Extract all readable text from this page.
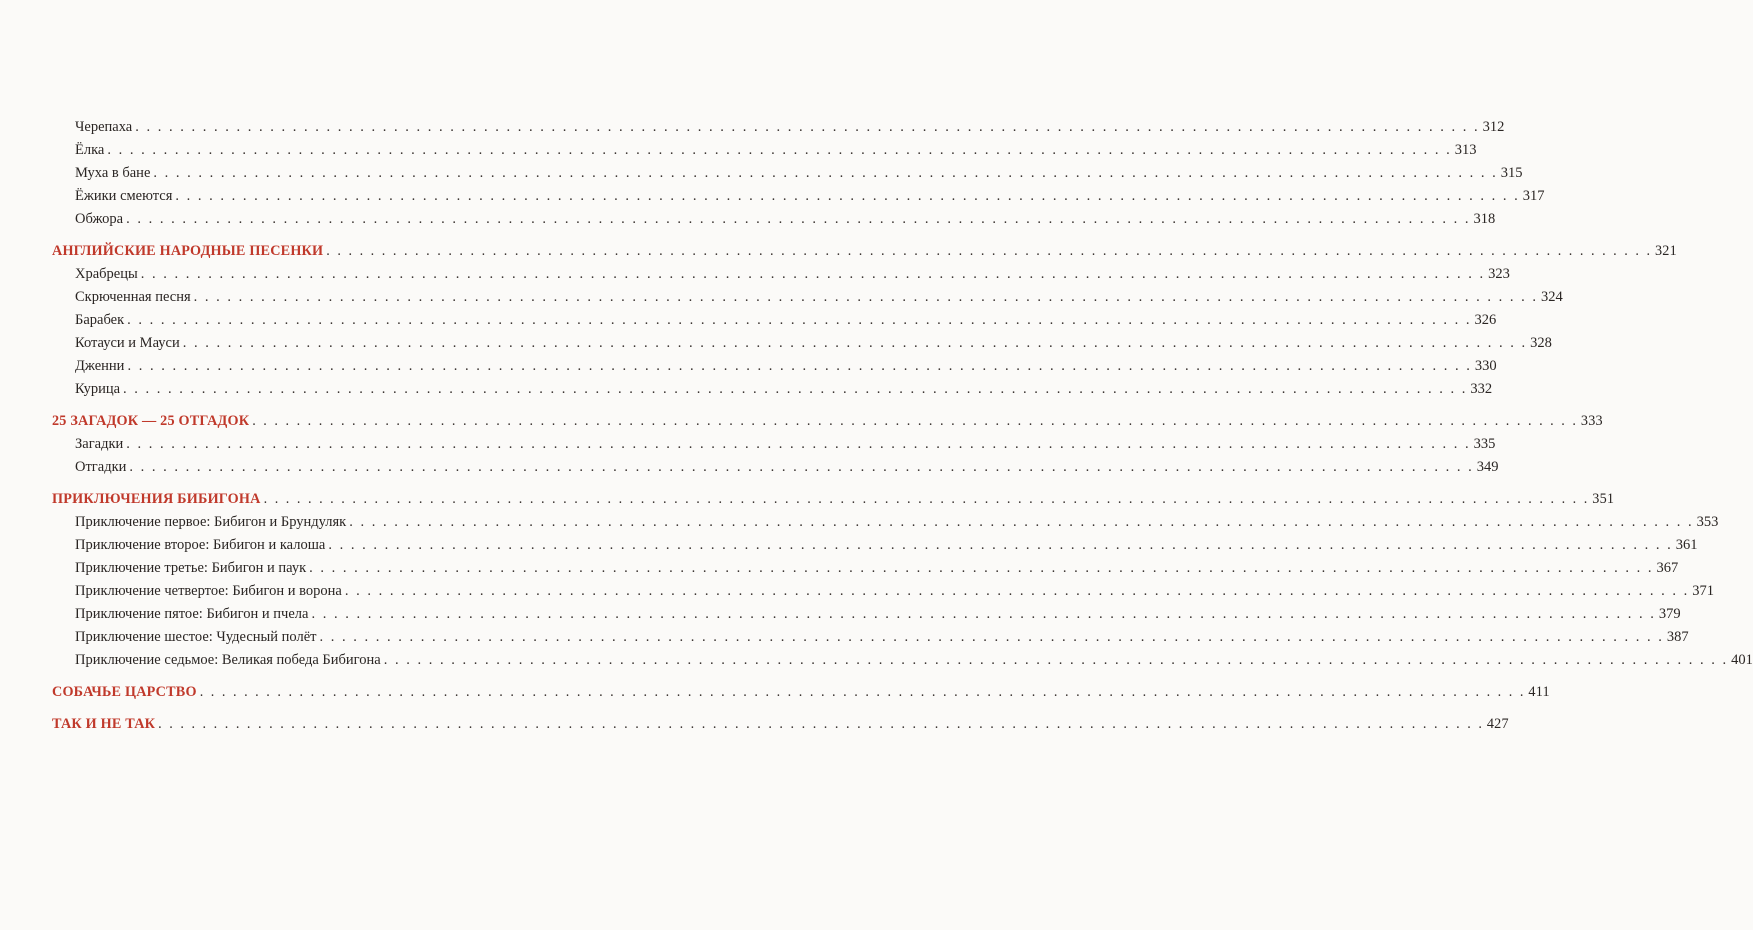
Черепаха . . . . . . . . . . . . . . . . . . . . . . . . . . . . . . . . . . . . . . . . . . . . . . . . . . . . . . . . . . . . . . . . . . . . . . . . . . . . . . . . . . . . . . . . . . . . . . . . . . . . . . . . . . . . . . . . . . . . . . . . 312
Ёлка . . . . . . . . . . . . . . . . . . . . . . . . . . . . . . . . . . . . . . . . . . . . . . . . . . . . . . . . . . . . . . . . . . . . . . . . . . . . . . . . . . . . . . . . . . . . . . . . . . . . . . . . . . . . . . . . . . . . . . . . 313
Муха в бане . . . . . . . . . . . . . . . . . . . . . . . . . . . . . . . . . . . . . . . . . . . . . . . . . . . . . . . . . . . . . . . . . . . . . . . . . . . . . . . . . . . . . . . . . . . . . . . . . . . . . . . . . . . . . . . . . . . . . . . . 315
Ёжики смеются . . . . . . . . . . . . . . . . . . . . . . . . . . . . . . . . . . . . . . . . . . . . . . . . . . . . . . . . . . . . . . . . . . . . . . . . . . . . . . . . . . . . . . . . . . . . . . . . . . . . . . . . . . . . . . . . . . . . . . . . 317
Обжора . . . . . . . . . . . . . . . . . . . . . . . . . . . . . . . . . . . . . . . . . . . . . . . . . . . . . . . . . . . . . . . . . . . . . . . . . . . . . . . . . . . . . . . . . . . . . . . . . . . . . . . . . . . . . . . . . . . . . . . . 318
АНГЛИЙСКИЕ НАРОДНЫЕ ПЕСЕНКИ . . . . . . . . . . . . . . . . . . . . . . . . . . . . . . . . . . . . . . . . . . . . . . . . . . . . . . . . . . . . . . . . . . . . . . . . . . . . . . . . . . . . . . . . . . . . . . . . . . . . . . . . . . . . . . . . . . . . . . . . 321
Храбрецы . . . . . . . . . . . . . . . . . . . . . . . . . . . . . . . . . . . . . . . . . . . . . . . . . . . . . . . . . . . . . . . . . . . . . . . . . . . . . . . . . . . . . . . . . . . . . . . . . . . . . . . . . . . . . . . . . . . . . . . . 323
Скрюченная песня . . . . . . . . . . . . . . . . . . . . . . . . . . . . . . . . . . . . . . . . . . . . . . . . . . . . . . . . . . . . . . . . . . . . . . . . . . . . . . . . . . . . . . . . . . . . . . . . . . . . . . . . . . . . . . . . . . . . . . . . 324
Барабек . . . . . . . . . . . . . . . . . . . . . . . . . . . . . . . . . . . . . . . . . . . . . . . . . . . . . . . . . . . . . . . . . . . . . . . . . . . . . . . . . . . . . . . . . . . . . . . . . . . . . . . . . . . . . . . . . . . . . . . . 326
Котауси и Мауси . . . . . . . . . . . . . . . . . . . . . . . . . . . . . . . . . . . . . . . . . . . . . . . . . . . . . . . . . . . . . . . . . . . . . . . . . . . . . . . . . . . . . . . . . . . . . . . . . . . . . . . . . . . . . . . . . . . . . . . . 328
Дженни . . . . . . . . . . . . . . . . . . . . . . . . . . . . . . . . . . . . . . . . . . . . . . . . . . . . . . . . . . . . . . . . . . . . . . . . . . . . . . . . . . . . . . . . . . . . . . . . . . . . . . . . . . . . . . . . . . . . . . . . 330
Курица . . . . . . . . . . . . . . . . . . . . . . . . . . . . . . . . . . . . . . . . . . . . . . . . . . . . . . . . . . . . . . . . . . . . . . . . . . . . . . . . . . . . . . . . . . . . . . . . . . . . . . . . . . . . . . . . . . . . . . . . 332
25 ЗАГАДОК — 25 ОТГАДОК . . . . . . . . . . . . . . . . . . . . . . . . . . . . . . . . . . . . . . . . . . . . . . . . . . . . . . . . . . . . . . . . . . . . . . . . . . . . . . . . . . . . . . . . . . . . . . . . . . . . . . . . . . . . . . . . . . . . . . . . 333
Загадки . . . . . . . . . . . . . . . . . . . . . . . . . . . . . . . . . . . . . . . . . . . . . . . . . . . . . . . . . . . . . . . . . . . . . . . . . . . . . . . . . . . . . . . . . . . . . . . . . . . . . . . . . . . . . . . . . . . . . . . . 335
Отгадки . . . . . . . . . . . . . . . . . . . . . . . . . . . . . . . . . . . . . . . . . . . . . . . . . . . . . . . . . . . . . . . . . . . . . . . . . . . . . . . . . . . . . . . . . . . . . . . . . . . . . . . . . . . . . . . . . . . . . . . . 349
ПРИКЛЮЧЕНИЯ БИБИГОНА . . . . . . . . . . . . . . . . . . . . . . . . . . . . . . . . . . . . . . . . . . . . . . . . . . . . . . . . . . . . . . . . . . . . . . . . . . . . . . . . . . . . . . . . . . . . . . . . . . . . . . . . . . . . . . . . . . . . . . . . 351
Приключение первое: Бибигон и Брундуляк . . . . . . . . . . . . . . . . . . . . . . . . . . . . . . . . . . . . . . . . . . . . . . . . . . . . . . . . . . . . . . . . . . . . . . . . . . . . . . . . . . . . . . . . . . . . . . . . . . . . . . . . . . . . . . . . . . . . . . . . 353
Приключение второе: Бибигон и калоша . . . . . . . . . . . . . . . . . . . . . . . . . . . . . . . . . . . . . . . . . . . . . . . . . . . . . . . . . . . . . . . . . . . . . . . . . . . . . . . . . . . . . . . . . . . . . . . . . . . . . . . . . . . . . . . . . . . . . . . . 361
Приключение третье: Бибигон и паук . . . . . . . . . . . . . . . . . . . . . . . . . . . . . . . . . . . . . . . . . . . . . . . . . . . . . . . . . . . . . . . . . . . . . . . . . . . . . . . . . . . . . . . . . . . . . . . . . . . . . . . . . . . . . . . . . . . . . . . . 367
Приключение четвертое: Бибигон и ворона . . . . . . . . . . . . . . . . . . . . . . . . . . . . . . . . . . . . . . . . . . . . . . . . . . . . . . . . . . . . . . . . . . . . . . . . . . . . . . . . . . . . . . . . . . . . . . . . . . . . . . . . . . . . . . . . . . . . . . . . 371
Приключение пятое: Бибигон и пчела . . . . . . . . . . . . . . . . . . . . . . . . . . . . . . . . . . . . . . . . . . . . . . . . . . . . . . . . . . . . . . . . . . . . . . . . . . . . . . . . . . . . . . . . . . . . . . . . . . . . . . . . . . . . . . . . . . . . . . . . 379
Приключение шестое: Чудесный полёт . . . . . . . . . . . . . . . . . . . . . . . . . . . . . . . . . . . . . . . . . . . . . . . . . . . . . . . . . . . . . . . . . . . . . . . . . . . . . . . . . . . . . . . . . . . . . . . . . . . . . . . . . . . . . . . . . . . . . . . . 387
Приключение седьмое: Великая победа Бибигона . . . . . . . . . . . . . . . . . . . . . . . . . . . . . . . . . . . . . . . . . . . . . . . . . . . . . . . . . . . . . . . . . . . . . . . . . . . . . . . . . . . . . . . . . . . . . . . . . . . . . . . . . . . . . . . . . . . . . . . . 401
СОБАЧЬЕ ЦАРСТВО . . . . . . . . . . . . . . . . . . . . . . . . . . . . . . . . . . . . . . . . . . . . . . . . . . . . . . . . . . . . . . . . . . . . . . . . . . . . . . . . . . . . . . . . . . . . . . . . . . . . . . . . . . . . . . . . . . . . . . . . 411
ТАК И НЕ ТАК . . . . . . . . . . . . . . . . . . . . . . . . . . . . . . . . . . . . . . . . . . . . . . . . . . . . . . . . . . . . . . . . . . . . . . . . . . . . . . . . . . . . . . . . . . . . . . . . . . . . . . . . . . . . . . . . . . . . . . . . 427
